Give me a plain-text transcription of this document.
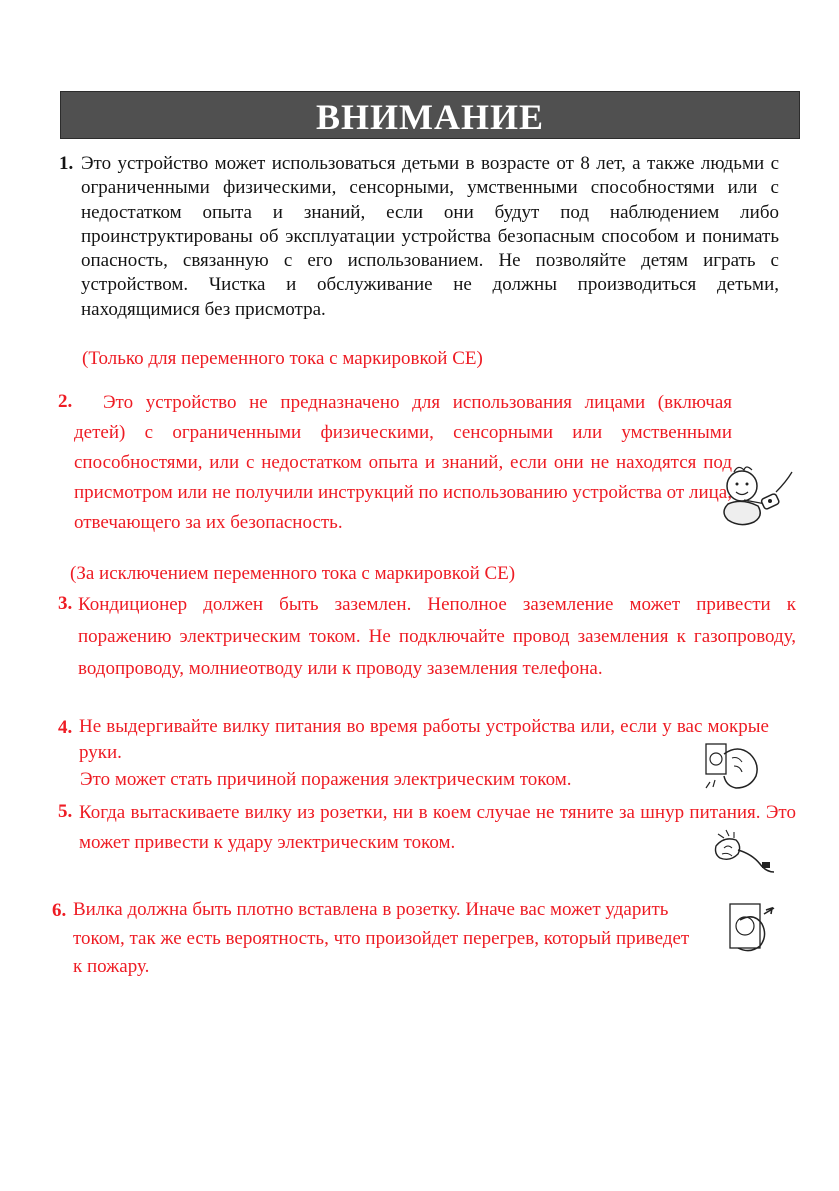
ВНИМАНИЕ
1. Это устройство может использоваться детьми в возрасте от 8 лет, а также людьми с ограниченными физическими, сенсорными, умственными способностями или с недостатком опыта и знаний, если они будут под наблюдением либо проинструктированы об эксплуатации устройства безопасным способом и понимать опасность, связанную с его использованием. Не позволяйте детям играть с устройством. Чистка и обслуживание не должны производиться детьми, находящимися без присмотра.

(Только для переменного тока с маркировкой CE)
2.	Это устройство не предназначено для использования лицами (включая детей) с ограниченными физическими, сенсорными или умственными способностями, или с недостатком опыта и знаний, если они не находятся под присмотром или не получили инструкций по использованию устройства от лица, отвечающего за их безопасность.

(За исключением переменного тока с маркировкой CE)
3. Кондиционер должен быть заземлен. Неполное заземление может привести к поражению электрическим током. Не подключайте провод заземления к газопроводу, водопроводу, молниеотводу или к проводу заземления телефона.

4. Не выдергивайте вилку питания во время работы устройства или, если у вас мокрые руки.

Это может стать причиной поражения электрическим током.
5. Когда вытаскиваете вилку из розетки, ни в коем случае не тяните за шнур питания. Это может привести к удару электрическим током.

6. Вилка должна быть плотно вставлена в розетку. Иначе вас может ударить током, так же есть вероятность, что произойдет перегрев, который приведет к пожару.
